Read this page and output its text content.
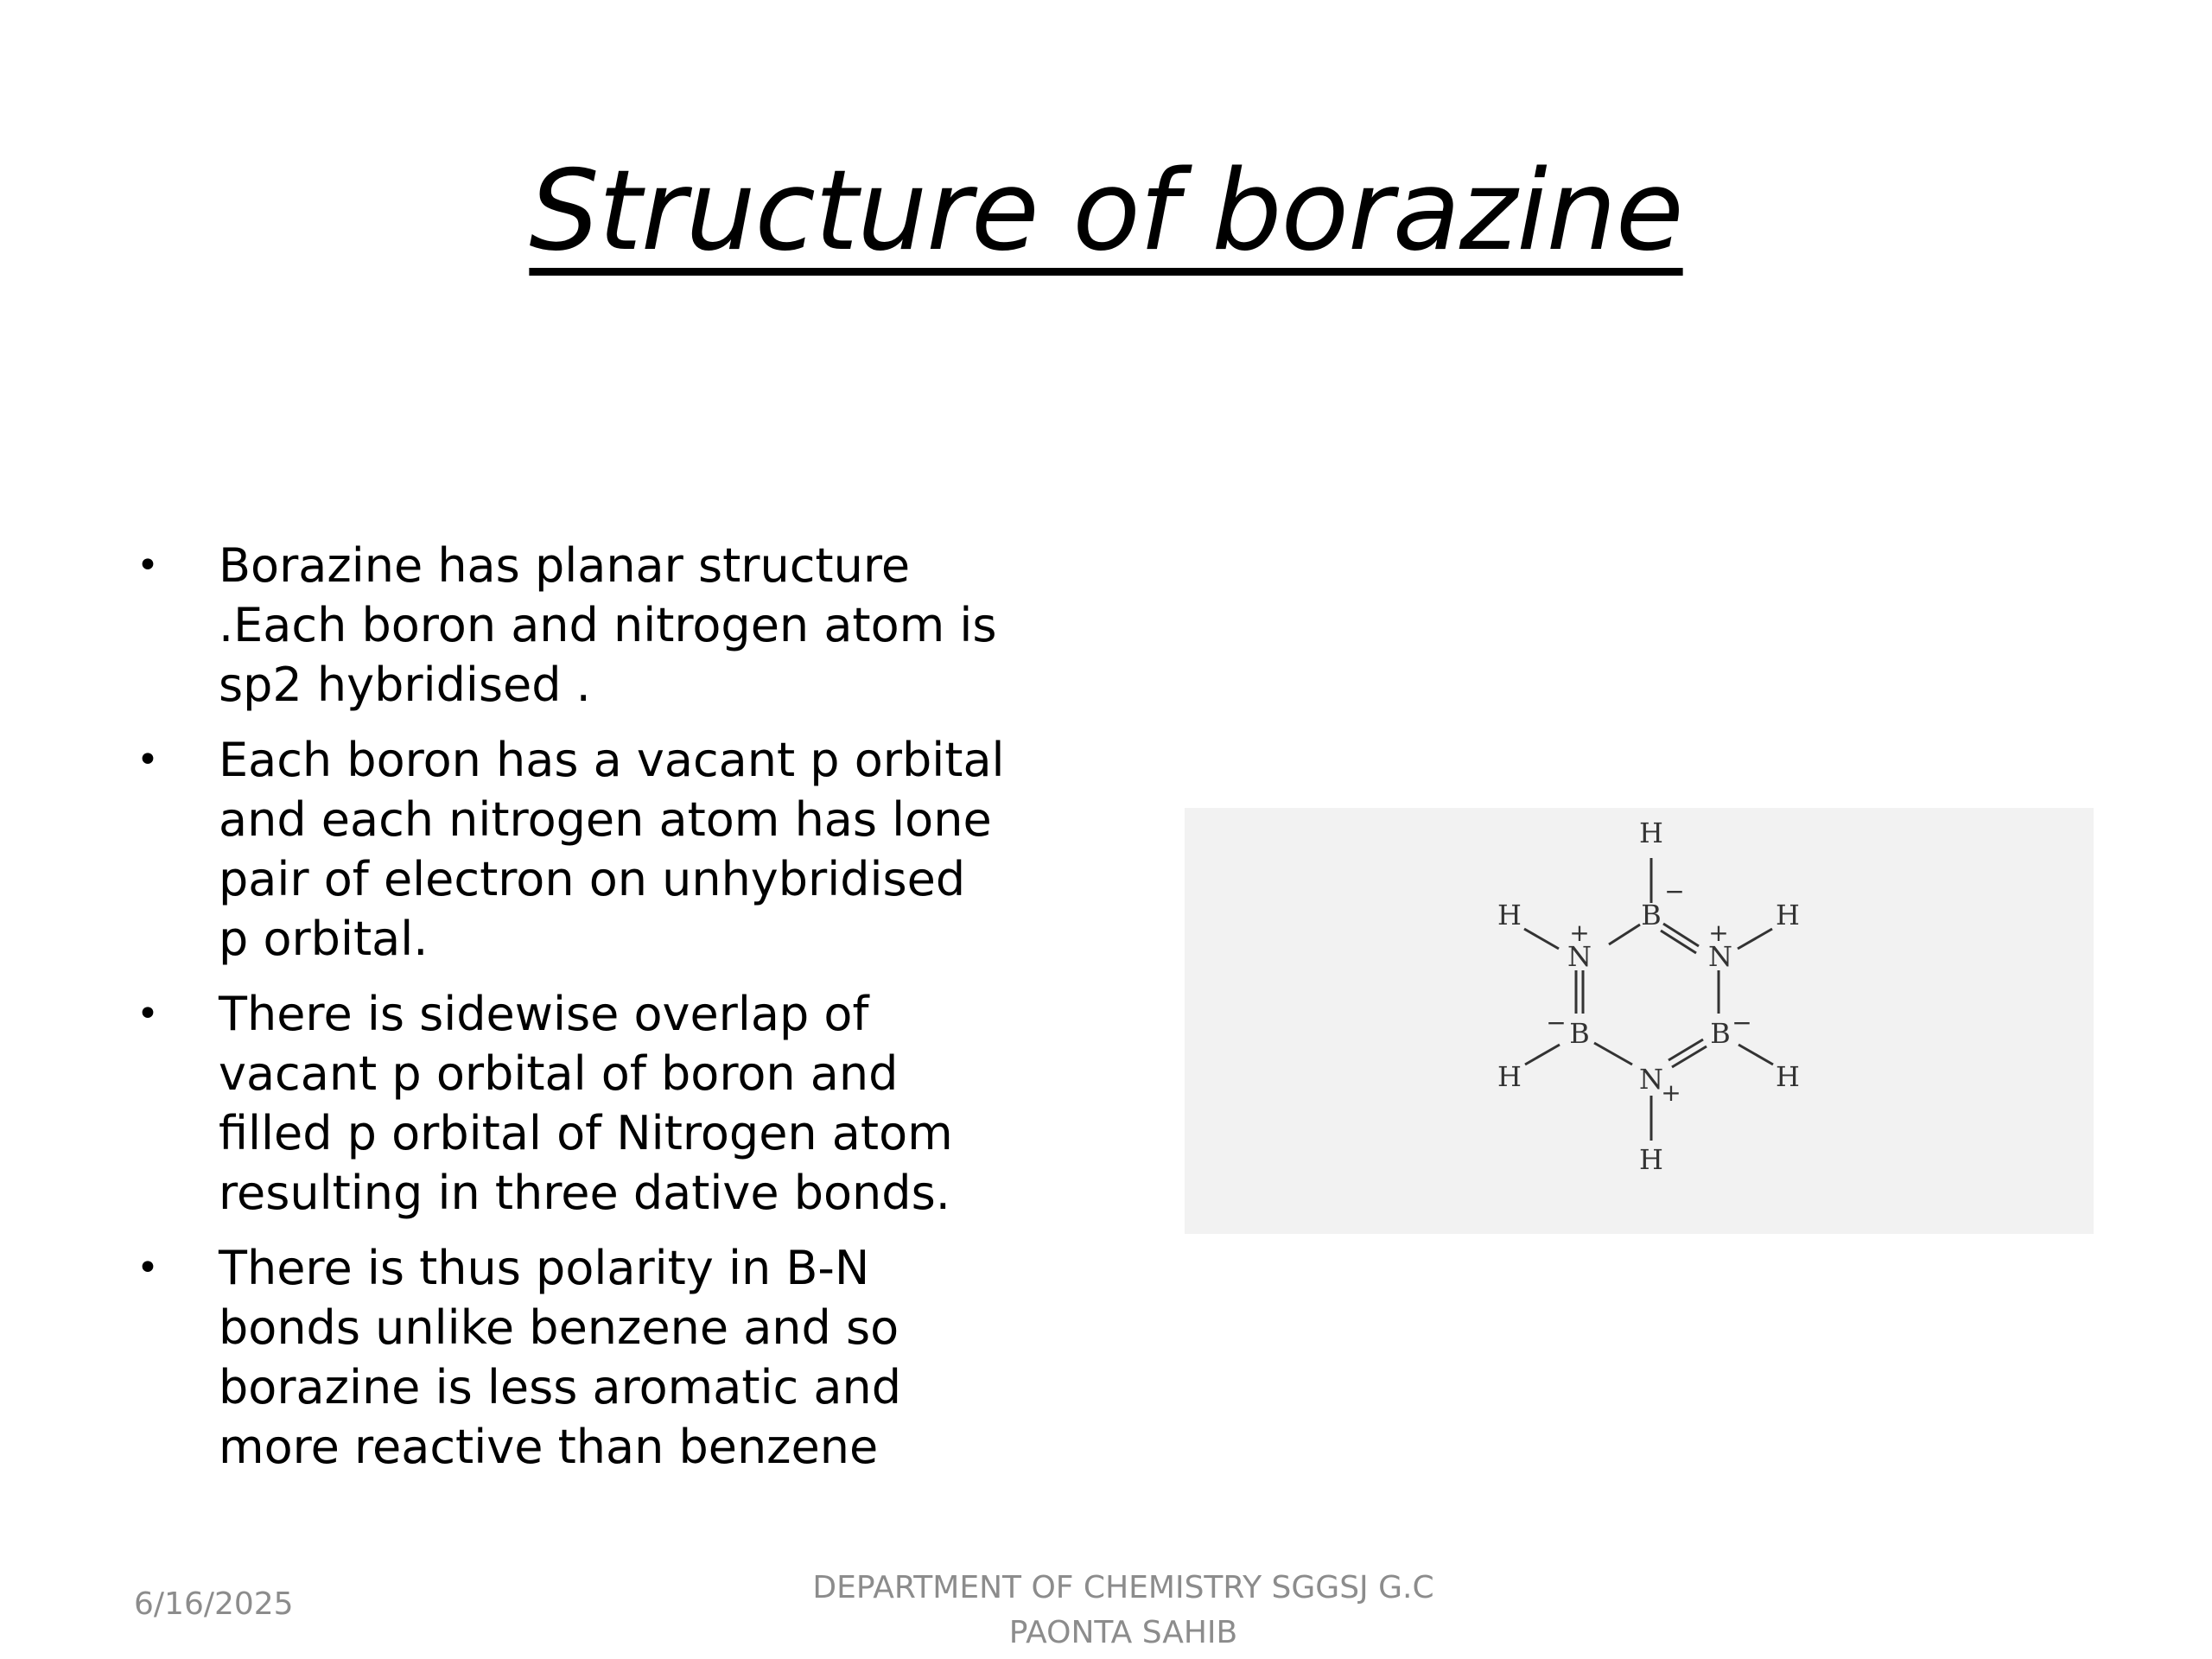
Structure of borazine
• Borazine has planar structure
.Each boron and nitrogen atom is
sp2 hybridised .
• Each boron has a vacant p orbital
and each nitrogen atom has lone
pair of electron on unhybridised
p orbital.
• There is sidewise overlap of
vacant p orbital of boron and
filled p orbital of Nitrogen atom
resulting in three dative bonds.
• There is thus polarity in B-N
bonds unlike benzene and so
borazine is less aromatic and
more reactive than benzene
H
B
N	N
B	B
N
H	H
H	H
H
−
+	+
−	−
+
6/16/2025	DEPARTMENT OF CHEMISTRY SGGSJ G.C
PAONTA SAHIB
